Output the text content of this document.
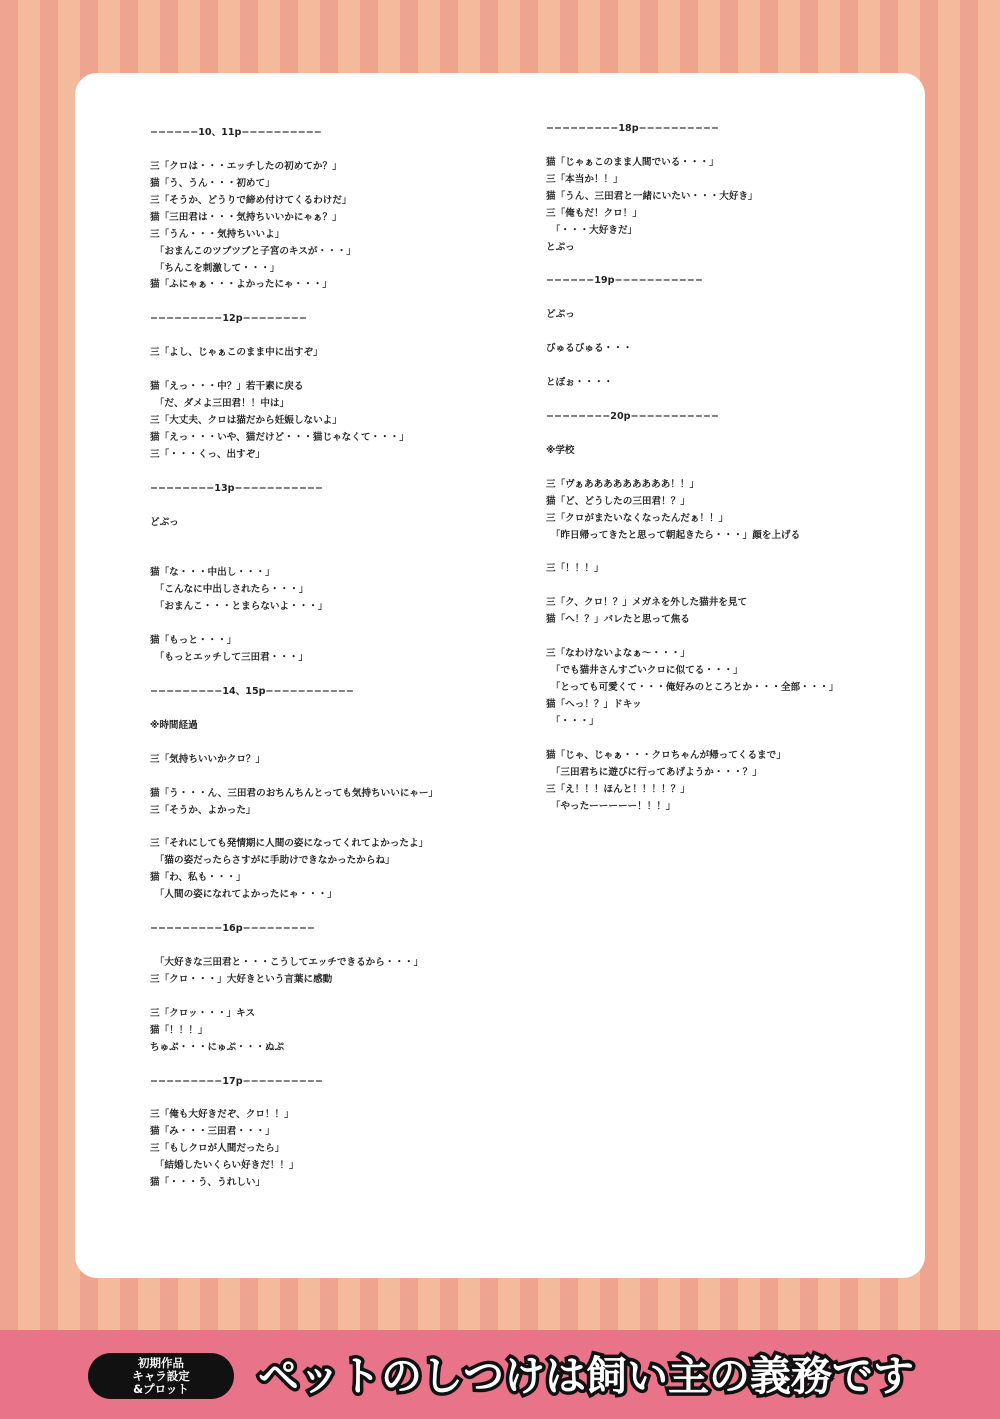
−−−−−−10、11p−−−−−−−−−−
三「クロは・・・エッチしたの初めてか？」
猫「う、うん・・・初めて」
三「そうか、どうりで締め付けてくるわけだ」
猫「三田君は・・・気持ちいいかにゃぁ？」
三「うん・・・気持ちいいよ」
　「おまんこのツブツブと子宮のキスが・・・」
　「ちんこを刺激して・・・」
猫「ふにゃぁ・・・よかったにゃ・・・」
−−−−−−−−−12p−−−−−−−−
三「よし、じゃぁこのまま中に出すぞ」
猫「えっ・・・中？」若干素に戻る
　「だ、ダメよ三田君！！中は」
三「大丈夫、クロは猫だから妊娠しないよ」
猫「えっ・・・いや、猫だけど・・・猫じゃなくて・・・」
三「・・・くっ、出すぞ」
−−−−−−−−13p−−−−−−−−−−−
どぷっ
猫「な・・・中出し・・・」
　「こんなに中出しされたら・・・」
　「おまんこ・・・とまらないよ・・・」
猫「もっと・・・」
　「もっとエッチして三田君・・・」
−−−−−−−−−14、15p−−−−−−−−−−−
※時間経過
三「気持ちいいかクロ？」
猫「う・・・ん、三田君のおちんちんとっても気持ちいいにゃー」
三「そうか、よかった」
三「それにしても発情期に人間の姿になってくれてよかったよ」
　「猫の姿だったらさすがに手助けできなかったからね」
猫「わ、私も・・・」
　「人間の姿になれてよかったにゃ・・・」
−−−−−−−−−16p−−−−−−−−−
　「大好きな三田君と・・・こうしてエッチできるから・・・」
三「クロ・・・」大好きという言葉に感動
三「クロッ・・・」キス
猫「！！！」
ちゅぷ・・・にゅぷ・・・ぬぷ
−−−−−−−−−17p−−−−−−−−−−
三「俺も大好きだぞ、クロ！！」
猫「み・・・三田君・・・」
三「もしクロが人間だったら」
　「結婚したいくらい好きだ！！」
猫「・・・う、うれしい」
−−−−−−−−−18p−−−−−−−−−−
猫「じゃぁこのまま人間でいる・・・」
三「本当か！！」
猫「うん、三田君と一緒にいたい・・・大好き」
三「俺もだ！クロ！」
　「・・・大好きだ」
とぷっ
−−−−−−19p−−−−−−−−−−−
どぷっ
びゅるびゅる・・・
とぽぉ・・・・
−−−−−−−−20p−−−−−−−−−−−
※学校
三「ヴぁあああああああああ！！」
猫「ど、どうしたの三田君！？」
三「クロがまたいなくなったんだぁ！！」
　「昨日帰ってきたと思って朝起きたら・・・」顔を上げる
三「！！！」
三「ク、クロ！？」メガネを外した猫井を見て
猫「へ！？」バレたと思って焦る
三「なわけないよなぁ〜・・・」
　「でも猫井さんすごいクロに似てる・・・」
　「とっても可愛くて・・・俺好みのところとか・・・全部・・・」
猫「へっ！？」ドキッ
　「・・・」
猫「じゃ、じゃぁ・・・クロちゃんが帰ってくるまで」
　「三田君ちに遊びに行ってあげようか・・・？」
三「え！！！ほんと！！！！？」
　「やったーーーーー！！！」
初期作品
キャラ設定
&プロット ペットのしつけは飼い主の義務です
